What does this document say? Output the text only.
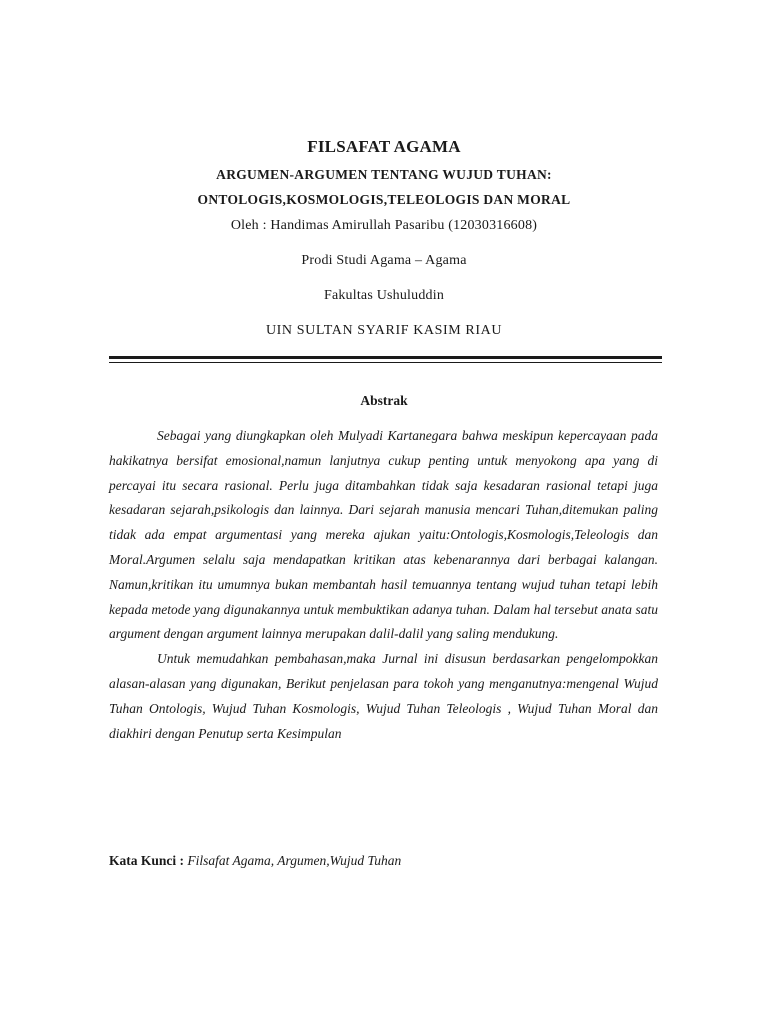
FILSAFAT AGAMA
ARGUMEN-ARGUMEN TENTANG WUJUD TUHAN:
ONTOLOGIS,KOSMOLOGIS,TELEOLOGIS DAN MORAL
Oleh : Handimas Amirullah Pasaribu (12030316608)
Prodi Studi Agama – Agama
Fakultas Ushuluddin
UIN SULTAN SYARIF KASIM RIAU
Abstrak

Sebagai yang diungkapkan oleh Mulyadi Kartanegara bahwa meskipun kepercayaan pada hakikatnya bersifat emosional,namun lanjutnya cukup penting untuk menyokong apa yang di percayai itu secara rasional. Perlu juga ditambahkan tidak saja kesadaran rasional tetapi juga kesadaran sejarah,psikologis dan lainnya. Dari sejarah manusia mencari Tuhan,ditemukan paling tidak ada empat argumentasi yang mereka ajukan yaitu:Ontologis,Kosmologis,Teleologis dan Moral.Argumen selalu saja mendapatkan kritikan atas kebenarannya dari berbagai kalangan. Namun,kritikan itu umumnya bukan membantah hasil temuannya tentang wujud tuhan tetapi lebih kepada metode yang digunakannya untuk membuktikan adanya tuhan. Dalam hal tersebut anata satu argument dengan argument lainnya merupakan dalil-dalil yang saling mendukung.

Untuk memudahkan pembahasan,maka Jurnal ini disusun berdasarkan pengelompokkan alasan-alasan yang digunakan, Berikut penjelasan para tokoh yang menganutnya:mengenal Wujud Tuhan Ontologis, Wujud Tuhan Kosmologis, Wujud Tuhan Teleologis , Wujud Tuhan Moral dan diakhiri dengan Penutup serta Kesimpulan

Kata Kunci : Filsafat Agama, Argumen,Wujud Tuhan
